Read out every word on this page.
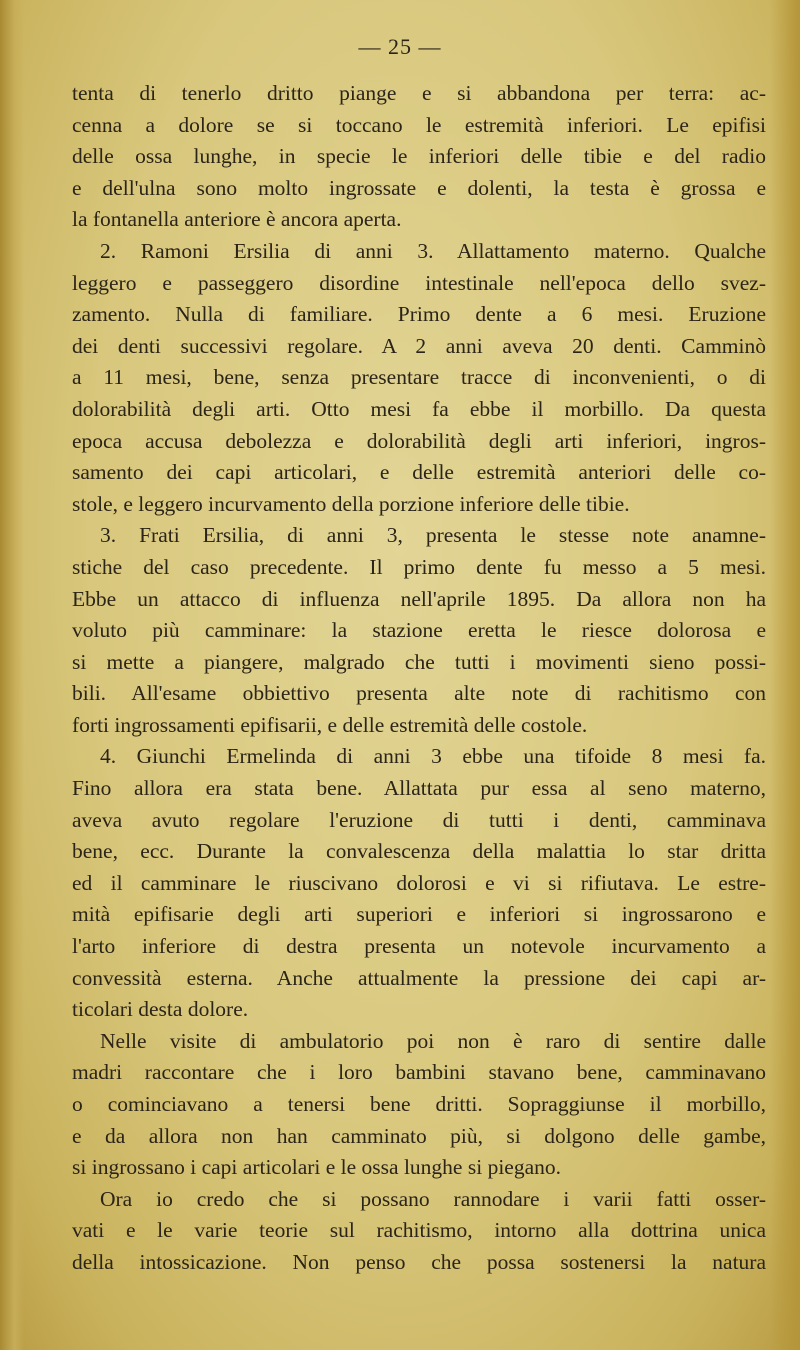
— 25 —
tenta di tenerlo dritto piange e si abbandona per terra: ac-
cenna a dolore se si toccano le estremità inferiori. Le epifisi
delle ossa lunghe, in specie le inferiori delle tibie e del radio
e dell'ulna sono molto ingrossate e dolenti, la testa è grossa e
la fontanella anteriore è ancora aperta.
2. Ramoni Ersilia di anni 3. Allattamento materno. Qualche
leggero e passeggero disordine intestinale nell'epoca dello svez-
zamento. Nulla di familiare. Primo dente a 6 mesi. Eruzione
dei denti successivi regolare. A 2 anni aveva 20 denti. Camminò
a 11 mesi, bene, senza presentare tracce di inconvenienti, o di
dolorabilità degli arti. Otto mesi fa ebbe il morbillo. Da questa
epoca accusa debolezza e dolorabilità degli arti inferiori, ingros-
samento dei capi articolari, e delle estremità anteriori delle co-
stole, e leggero incurvamento della porzione inferiore delle tibie.
3. Frati Ersilia, di anni 3, presenta le stesse note anamne-
stiche del caso precedente. Il primo dente fu messo a 5 mesi.
Ebbe un attacco di influenza nell'aprile 1895. Da allora non ha
voluto più camminare: la stazione eretta le riesce dolorosa e
si mette a piangere, malgrado che tutti i movimenti sieno possi-
bili. All'esame obbiettivo presenta alte note di rachitismo con
forti ingrossamenti epifisarii, e delle estremità delle costole.
4. Giunchi Ermelinda di anni 3 ebbe una tifoide 8 mesi fa.
Fino allora era stata bene. Allattata pur essa al seno materno,
aveva avuto regolare l'eruzione di tutti i denti, camminava
bene, ecc. Durante la convalescenza della malattia lo star dritta
ed il camminare le riuscivano dolorosi e vi si rifiutava. Le estre-
mità epifisarie degli arti superiori e inferiori si ingrossarono e
l'arto inferiore di destra presenta un notevole incurvamento a
convessità esterna. Anche attualmente la pressione dei capi ar-
ticolari desta dolore.
Nelle visite di ambulatorio poi non è raro di sentire dalle
madri raccontare che i loro bambini stavano bene, camminavano
o cominciavano a tenersi bene dritti. Sopraggiunse il morbillo,
e da allora non han camminato più, si dolgono delle gambe,
si ingrossano i capi articolari e le ossa lunghe si piegano.
Ora io credo che si possano rannodare i varii fatti osser-
vati e le varie teorie sul rachitismo, intorno alla dottrina unica
della intossicazione. Non penso che possa sostenersi la natura
